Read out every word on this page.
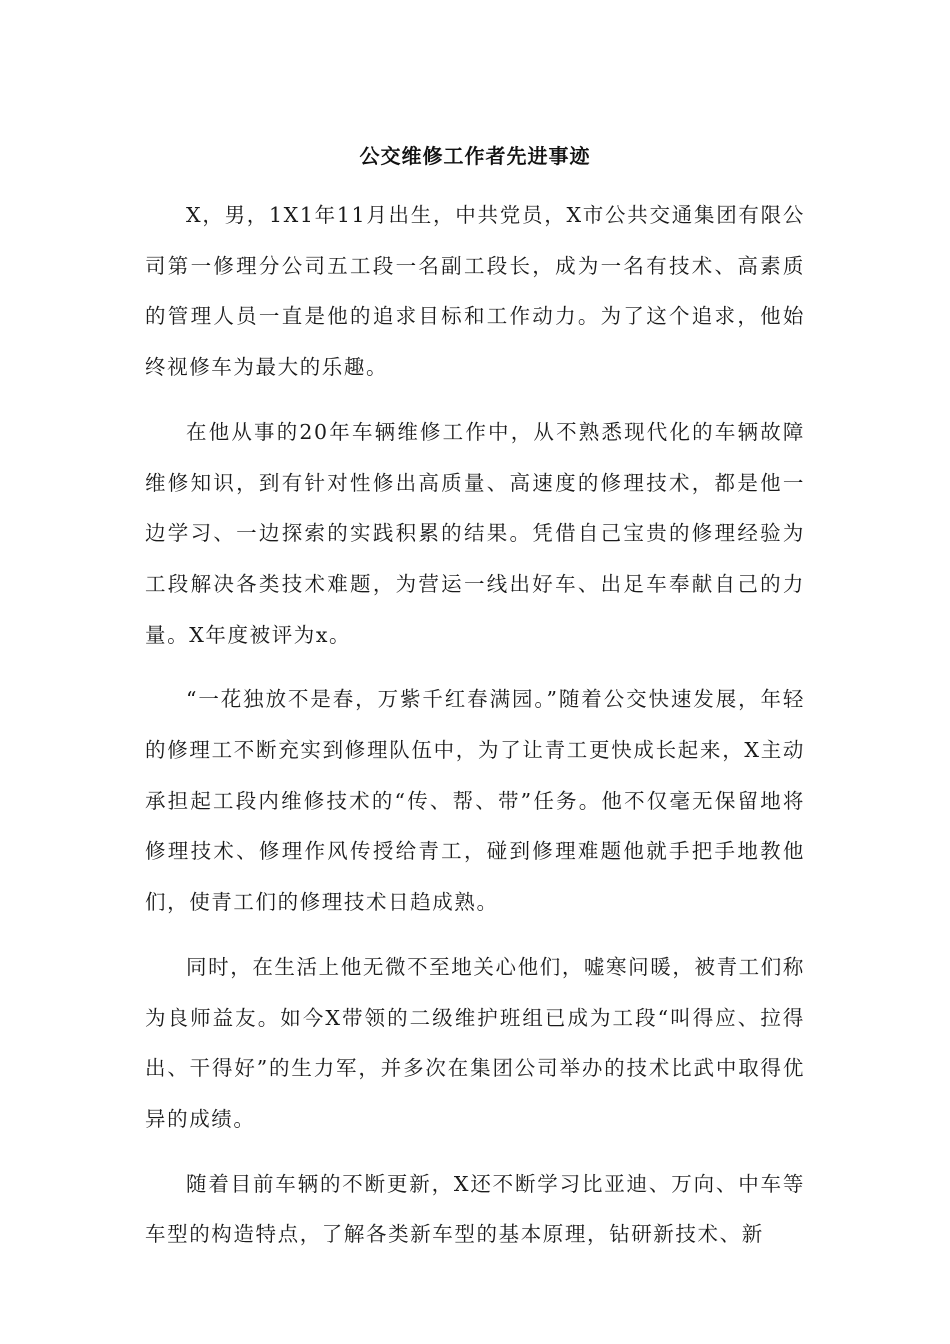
公交维修工作者先进事迹

X，男，1X1年11月出生，中共党员，X市公共交通集团有限公司第一修理分公司五工段一名副工段长，成为一名有技术、高素质的管理人员一直是他的追求目标和工作动力。为了这个追求，他始终视修车为最大的乐趣。

在他从事的20年车辆维修工作中，从不熟悉现代化的车辆故障维修知识，到有针对性修出高质量、高速度的修理技术，都是他一边学习、一边探索的实践积累的结果。凭借自己宝贵的修理经验为工段解决各类技术难题，为营运一线出好车、出足车奉献自己的力量。X年度被评为x。

“一花独放不是春，万紫千红春满园。”随着公交快速发展，年轻的修理工不断充实到修理队伍中，为了让青工更快成长起来，X主动承担起工段内维修技术的“传、帮、带”任务。他不仅毫无保留地将修理技术、修理作风传授给青工，碰到修理难题他就手把手地教他们，使青工们的修理技术日趋成熟。

同时，在生活上他无微不至地关心他们，嘘寒问暖，被青工们称为良师益友。如今X带领的二级维护班组已成为工段“叫得应、拉得出、干得好”的生力军，并多次在集团公司举办的技术比武中取得优异的成绩。

随着目前车辆的不断更新，X还不断学习比亚迪、万向、中车等车型的构造特点，了解各类新车型的基本原理，钻研新技术、新
